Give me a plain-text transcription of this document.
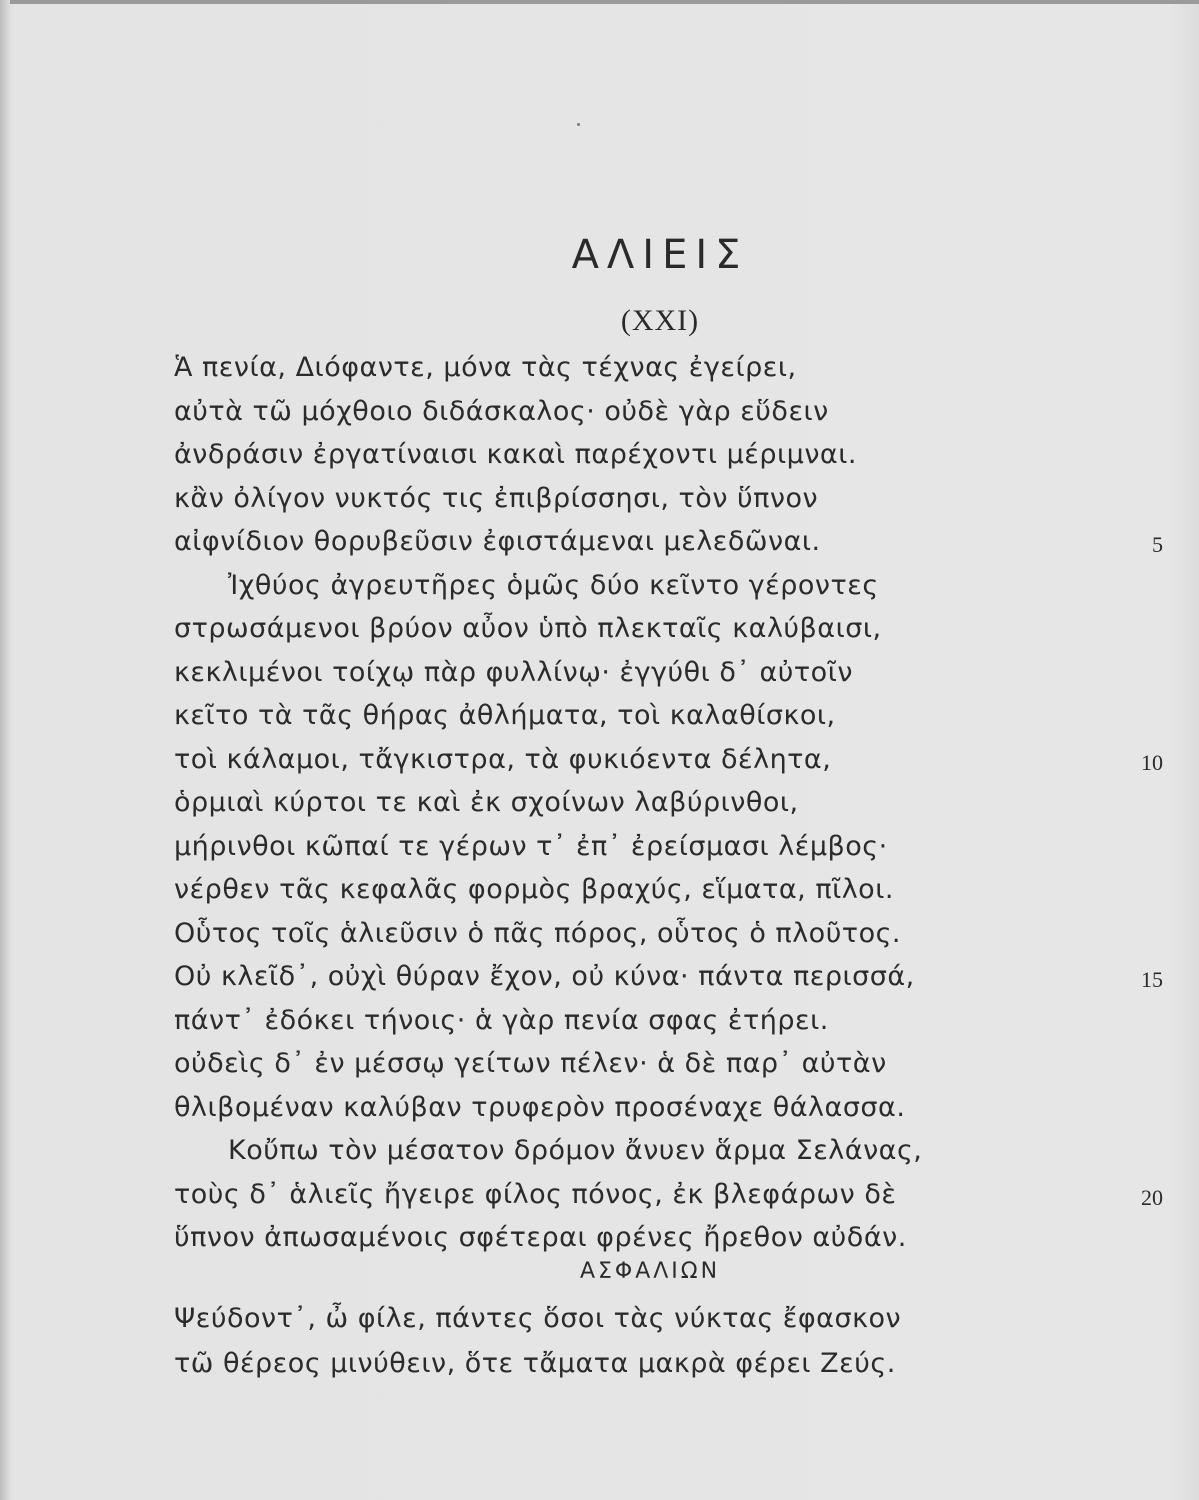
ΑΛΙΕΙΣ
(XXI)
Ἁ πενία, Διόφαντε, μόνα τὰς τέχνας ἐγείρει,
αὐτὰ τῶ μόχθοιο διδάσκαλος· οὐδὲ γὰρ εὕδειν
ἀνδράσιν ἐργατίναισι κακαὶ παρέχοντι μέριμναι.
κἂν ὀλίγον νυκτός τις ἐπιβρίσσησι, τὸν ὕπνον
αἰφνίδιον θορυβεῦσιν ἐφιστάμεναι μελεδῶναι.	5
Ἰχθύος ἀγρευτῆρες ὁμῶς δύο κεῖντο γέροντες
στρωσάμενοι βρύον αὖον ὑπὸ πλεκταῖς καλύβαισι,
κεκλιμένοι τοίχῳ πὰρ φυλλίνῳ· ἐγγύθι δ᾽ αὐτοῖν
κεῖτο τὰ τᾶς θήρας ἀθλήματα, τοὶ καλαθίσκοι,
τοὶ κάλαμοι, τἄγκιστρα, τὰ φυκιόεντα δέλητα,	10
ὁρμιαὶ κύρτοι τε καὶ ἐκ σχοίνων λαβύρινθοι,
μήρινθοι κῶπαί τε γέρων τ᾽ ἐπ᾽ ἐρείσμασι λέμβος·
νέρθεν τᾶς κεφαλᾶς φορμὸς βραχύς, εἵματα, πῖλοι.
Οὗτος τοῖς ἁλιεῦσιν ὁ πᾶς πόρος, οὗτος ὁ πλοῦτος.
Οὐ κλεῖδ᾽, οὐχὶ θύραν ἔχον, οὐ κύνα· πάντα περισσά,	15
πάντ᾽ ἐδόκει τήνοις· ἁ γὰρ πενία σφας ἐτήρει.
οὐδεὶς δ᾽ ἐν μέσσῳ γείτων πέλεν· ἁ δὲ παρ᾽ αὐτὰν
θλιβομέναν καλύβαν τρυφερὸν προσέναχε θάλασσα.
Κοὔπω τὸν μέσατον δρόμον ἄνυεν ἅρμα Σελάνας,
τοὺς δ᾽ ἁλιεῖς ἤγειρε φίλος πόνος, ἐκ βλεφάρων δὲ	20
ὕπνον ἀπωσαμένοις σφέτεραι φρένες ἤρεθον αὐδάν.
ΑΣΦΑΛΙΩΝ
Ψεύδοντ᾽, ὦ φίλε, πάντες ὅσοι τὰς νύκτας ἔφασκον
τῶ θέρεος μινύθειν, ὅτε τἄματα μακρὰ φέρει Ζεύς.
